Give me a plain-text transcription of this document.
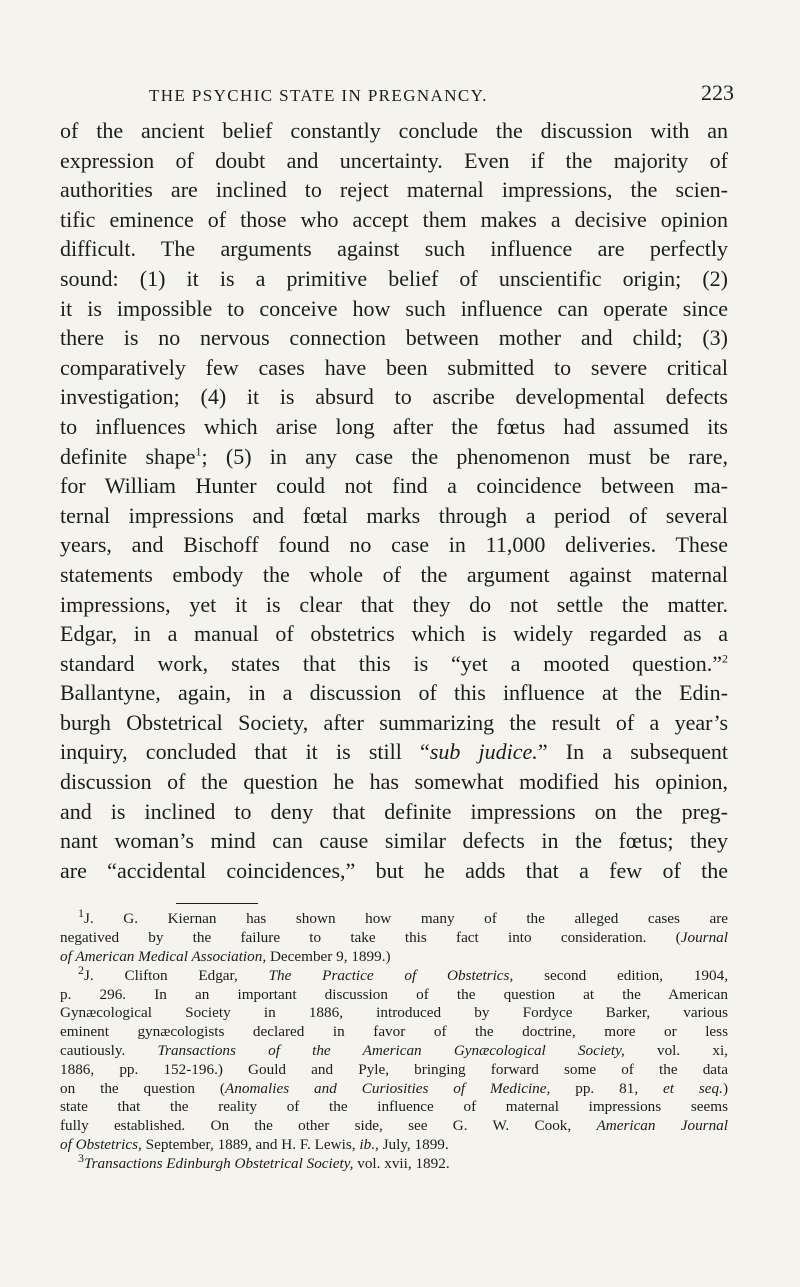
THE PSYCHIC STATE IN PREGNANCY.	223
of the ancient belief constantly conclude the discussion with an
expression of doubt and uncertainty. Even if the majority of
authorities are inclined to reject maternal impressions, the scien-
tific eminence of those who accept them makes a decisive opinion
difficult. The arguments against such influence are perfectly
sound: (1) it is a primitive belief of unscientific origin; (2)
it is impossible to conceive how such influence can operate since
there is no nervous connection between mother and child; (3)
comparatively few cases have been submitted to severe critical
investigation; (4) it is absurd to ascribe developmental defects
to influences which arise long after the fœtus had assumed its
definite shape$^1$; (5) in any case the phenomenon must be rare,
for William Hunter could not find a coincidence between ma-
ternal impressions and fœtal marks through a period of several
years, and Bischoff found no case in 11,000 deliveries. These
statements embody the whole of the argument against maternal
impressions, yet it is clear that they do not settle the matter.
Edgar, in a manual of obstetrics which is widely regarded as a
standard work, states that this is “yet a mooted question.”$^2$
Ballantyne, again, in a discussion of this influence at the Edin-
burgh Obstetrical Society, after summarizing the result of a year’s
inquiry, concluded that it is still “sub judice.” In a subsequent
discussion of the question he has somewhat modified his opinion,
and is inclined to deny that definite impressions on the preg-
nant woman’s mind can cause similar defects in the fœtus; they
are “accidental coincidences,” but he adds that a few of the
$^1$J. G. Kiernan has shown how many of the alleged cases are
negatived by the failure to take this fact into consideration. (Journal
of American Medical Association, December 9, 1899.)
$^2$J. Clifton Edgar, The Practice of Obstetrics, second edition, 1904,
p. 296. In an important discussion of the question at the American
Gynæcological Society in 1886, introduced by Fordyce Barker, various
eminent gynæcologists declared in favor of the doctrine, more or less
cautiously. Transactions of the American Gynæcological Society, vol. xi,
1886, pp. 152-196.) Gould and Pyle, bringing forward some of the data
on the question (Anomalies and Curiosities of Medicine, pp. 81, et seq.)
state that the reality of the influence of maternal impressions seems
fully established. On the other side, see G. W. Cook, American Journal
of Obstetrics, September, 1889, and H. F. Lewis, ib., July, 1899.
$^3$Transactions Edinburgh Obstetrical Society, vol. xvii, 1892.
